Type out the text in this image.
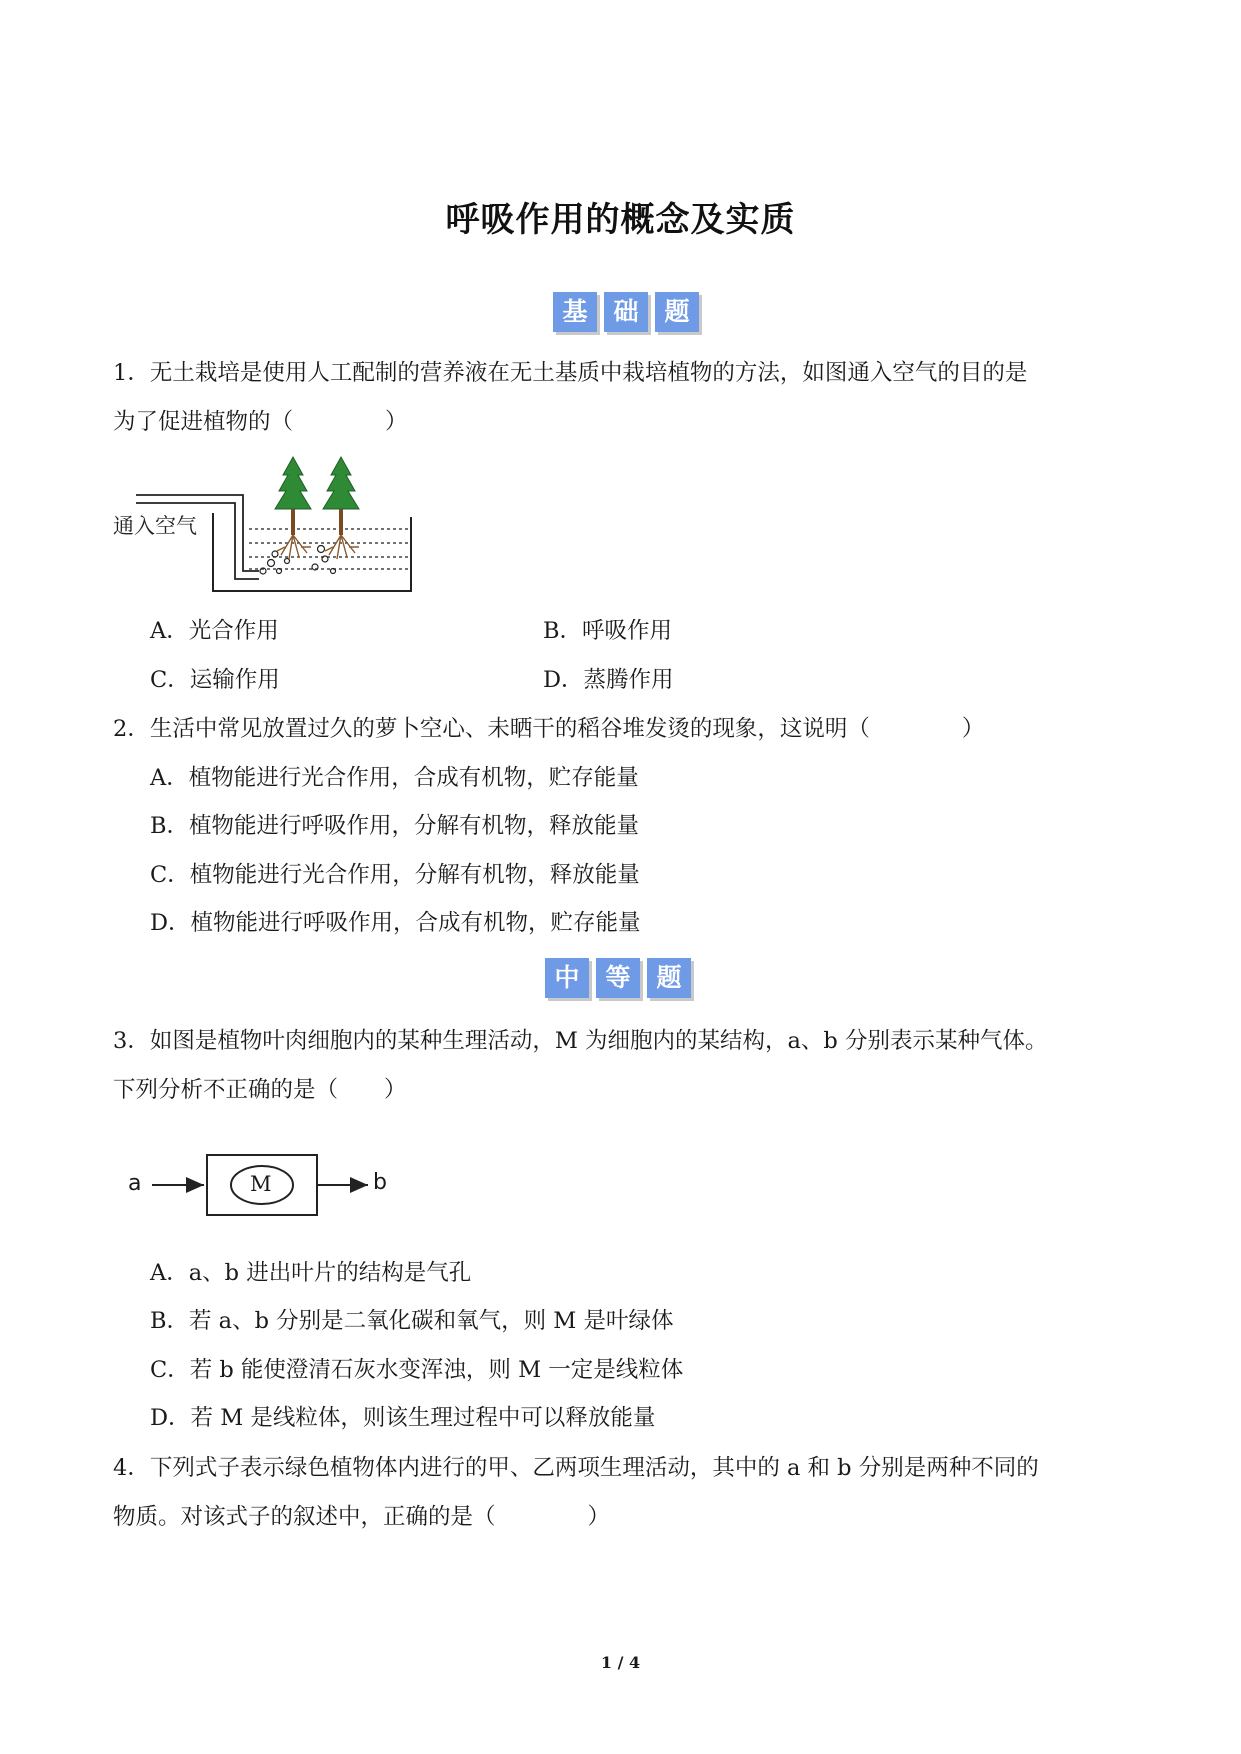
呼吸作用的概念及实质
基	础	题
1．无土栽培是使用人工配制的营养液在无土基质中栽培植物的方法，如图通入空气的目的是
为了促进植物的（	）
通入空气
A．光合作用	B．呼吸作用
C．运输作用	D．蒸腾作用
2．生活中常见放置过久的萝卜空心、未晒干的稻谷堆发烫的现象，这说明（	）
A．植物能进行光合作用，合成有机物，贮存能量
B．植物能进行呼吸作用，分解有机物，释放能量
C．植物能进行光合作用，分解有机物，释放能量
D．植物能进行呼吸作用，合成有机物，贮存能量
中	等	题
3．如图是植物叶肉细胞内的某种生理活动，M 为细胞内的某结构，a、b 分别表示某种气体。
下列分析不正确的是（ ）
a	M	b
A．a、b 进出叶片的结构是气孔
B．若 a、b 分别是二氧化碳和氧气，则 M 是叶绿体
C．若 b 能使澄清石灰水变浑浊，则 M 一定是线粒体
D．若 M 是线粒体，则该生理过程中可以释放能量
4．下列式子表示绿色植物体内进行的甲、乙两项生理活动，其中的 a 和 b 分别是两种不同的
物质。对该式子的叙述中，正确的是（	）
1 / 4
